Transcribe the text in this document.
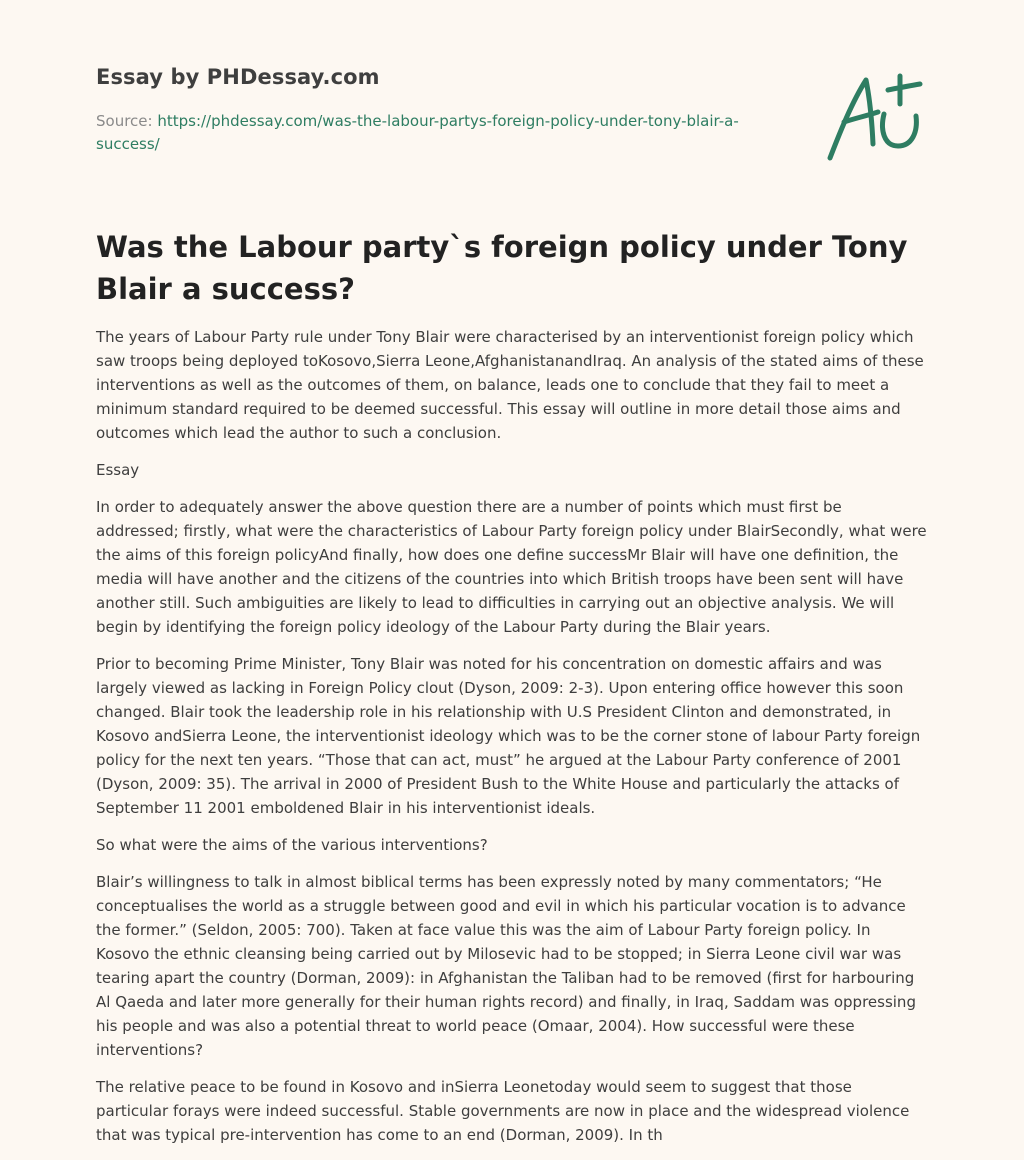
Essay by PHDessay.com
Source: https://phdessay.com/was-the-labour-partys-foreign-policy-under-tony-blair-a-success/
Was the Labour party`s foreign policy under Tony Blair a success?

The years of Labour Party rule under Tony Blair were characterised by an interventionist foreign policy which saw troops being deployed toKosovo,Sierra Leone,AfghanistanandIraq. An analysis of the stated aims of these interventions as well as the outcomes of them, on balance, leads one to conclude that they fail to meet a minimum standard required to be deemed successful. This essay will outline in more detail those aims and outcomes which lead the author to such a conclusion.

Essay

In order to adequately answer the above question there are a number of points which must first be addressed; firstly, what were the characteristics of Labour Party foreign policy under BlairSecondly, what were the aims of this foreign policyAnd finally, how does one define successMr Blair will have one definition, the media will have another and the citizens of the countries into which British troops have been sent will have another still. Such ambiguities are likely to lead to difficulties in carrying out an objective analysis. We will begin by identifying the foreign policy ideology of the Labour Party during the Blair years.

Prior to becoming Prime Minister, Tony Blair was noted for his concentration on domestic affairs and was largely viewed as lacking in Foreign Policy clout (Dyson, 2009: 2-3). Upon entering office however this soon changed. Blair took the leadership role in his relationship with U.S President Clinton and demonstrated, in Kosovo andSierra Leone, the interventionist ideology which was to be the corner stone of labour Party foreign policy for the next ten years. “Those that can act, must” he argued at the Labour Party conference of 2001 (Dyson, 2009: 35). The arrival in 2000 of President Bush to the White House and particularly the attacks of September 11 2001 emboldened Blair in his interventionist ideals.

So what were the aims of the various interventions?

Blair’s willingness to talk in almost biblical terms has been expressly noted by many commentators; “He conceptualises the world as a struggle between good and evil in which his particular vocation is to advance the former.” (Seldon, 2005: 700). Taken at face value this was the aim of Labour Party foreign policy. In Kosovo the ethnic cleansing being carried out by Milosevic had to be stopped; in Sierra Leone civil war was tearing apart the country (Dorman, 2009): in Afghanistan the Taliban had to be removed (first for harbouring Al Qaeda and later more generally for their human rights record) and finally, in Iraq, Saddam was oppressing his people and was also a potential threat to world peace (Omaar, 2004). How successful were these interventions?

The relative peace to be found in Kosovo and inSierra Leonetoday would seem to suggest that those particular forays were indeed successful. Stable governments are now in place and the widespread violence that was typical pre-intervention has come to an end (Dorman, 2009). In th
